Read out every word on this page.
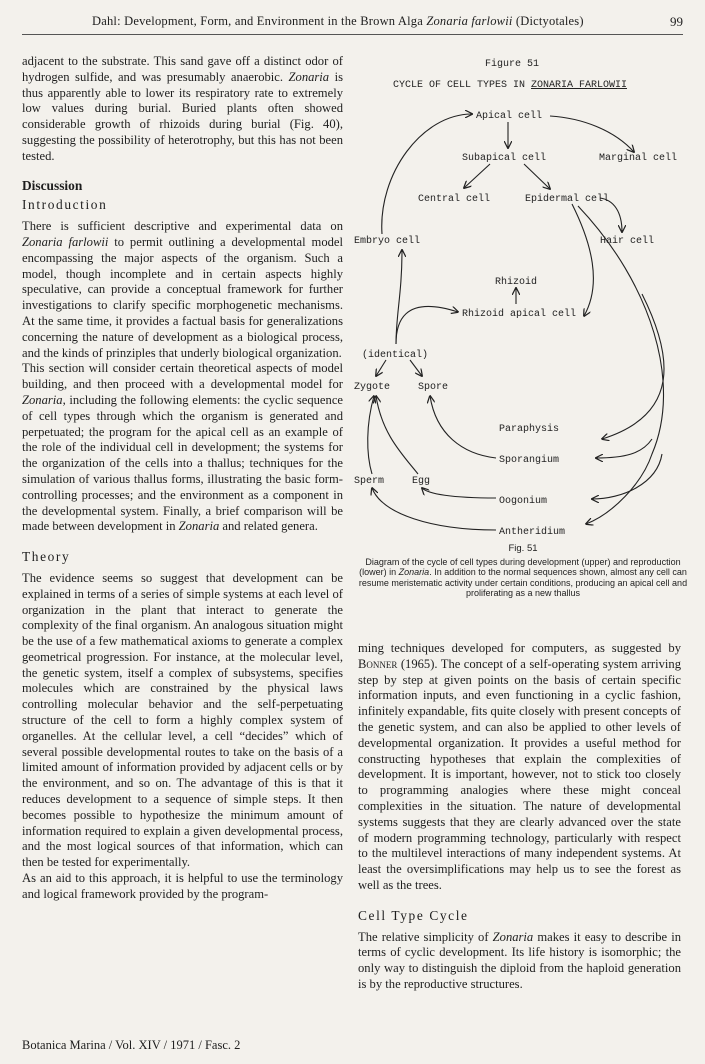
Dahl: Development, Form, and Environment in the Brown Alga Zonaria farlowii (Dictyotales)	99

adjacent to the substrate. This sand gave off a distinct odor of hydrogen sulfide, and was presumably anaerobic. Zonaria is thus apparently able to lower its respiratory rate to extremely low values during burial. Buried plants often showed considerable growth of rhizoids during burial (Fig. 40), suggesting the possibility of heterotrophy, but this has not been tested.

Discussion

Introduction

There is sufficient descriptive and experimental data on Zonaria farlowii to permit outlining a developmental model encompassing the major aspects of the organism. Such a model, though incomplete and in certain aspects highly speculative, can provide a conceptual framework for further investigations to clarify specific morphogenetic mechanisms. At the same time, it provides a factual basis for generalizations concerning the nature of development as a biological process, and the kinds of prinziples that underly biological organization.

This section will consider certain theoretical aspects of model building, and then proceed with a developmental model for Zonaria, including the following elements: the cyclic sequence of cell types through which the organism is generated and perpetuated; the program for the apical cell as an example of the role of the individual cell in development; the systems for the organization of the cells into a thallus; techniques for the simulation of various thallus forms, illustrating the basic form-controlling processes; and the environment as a component in the developmental system. Finally, a brief comparison will be made between development in Zonaria and related genera.

Theory

The evidence seems so suggest that development can be explained in terms of a series of simple systems at each level of organization in the plant that interact to generate the complexity of the final organism. An analogous situation might be the use of a few mathematical axioms to generate a complex geometrical progression. For instance, at the molecular level, the genetic system, itself a complex of subsystems, specifies molecules which are constrained by the physical laws controlling molecular behavior and the self-perpetuating structure of the cell to form a highly complex system of organelles. At the cellular level, a cell “decides” which of several possible developmental routes to take on the basis of a limited amount of information provided by adjacent cells or by the environment, and so on. The advantage of this is that it reduces development to a sequence of simple steps. It then becomes possible to hypothesize the minimum amount of information required to explain a given developmental process, and the most logical sources of that information, which can then be tested for experimentally.

As an aid to this approach, it is helpful to use the terminology and logical framework provided by the program-

Figure 51
CYCLE OF CELL TYPES IN ZONARIA FARLOWII
Apical cell
Subapical cell	Marginal cell
Central cell	Epidermal cell
Embryo cell	Hair cell
Rhizoid
Rhizoid apical cell
(identical)
Zygote	Spore
Paraphysis
Sporangium
Sperm	Egg
Oogonium
Antheridium
Fig. 51
Diagram of the cycle of cell types during development (upper) and reproduction (lower) in Zonaria. In addition to the normal sequences shown, almost any cell can resume meristematic activity under certain conditions, producing an apical cell and proliferating as a new thallus

ming techniques developed for computers, as suggested by Bonner (1965). The concept of a self-operating system arriving step by step at given points on the basis of certain specific information inputs, and even functioning in a cyclic fashion, infinitely expandable, fits quite closely with present concepts of the genetic system, and can also be applied to other levels of developmental organization. It provides a useful method for constructing hypotheses that explain the complexities of development. It is important, however, not to stick too closely to programming analogies where these might conceal complexities in the situation. The nature of developmental systems suggests that they are clearly advanced over the state of modern programming technology, particularly with respect to the multilevel interactions of many independent systems. At least the oversimplifications may help us to see the forest as well as the trees.

Cell Type Cycle

The relative simplicity of Zonaria makes it easy to describe in terms of cyclic development. Its life history is isomorphic; the only way to distinguish the diploid from the haploid generation is by the reproductive structures.

Botanica Marina / Vol. XIV / 1971 / Fasc. 2
